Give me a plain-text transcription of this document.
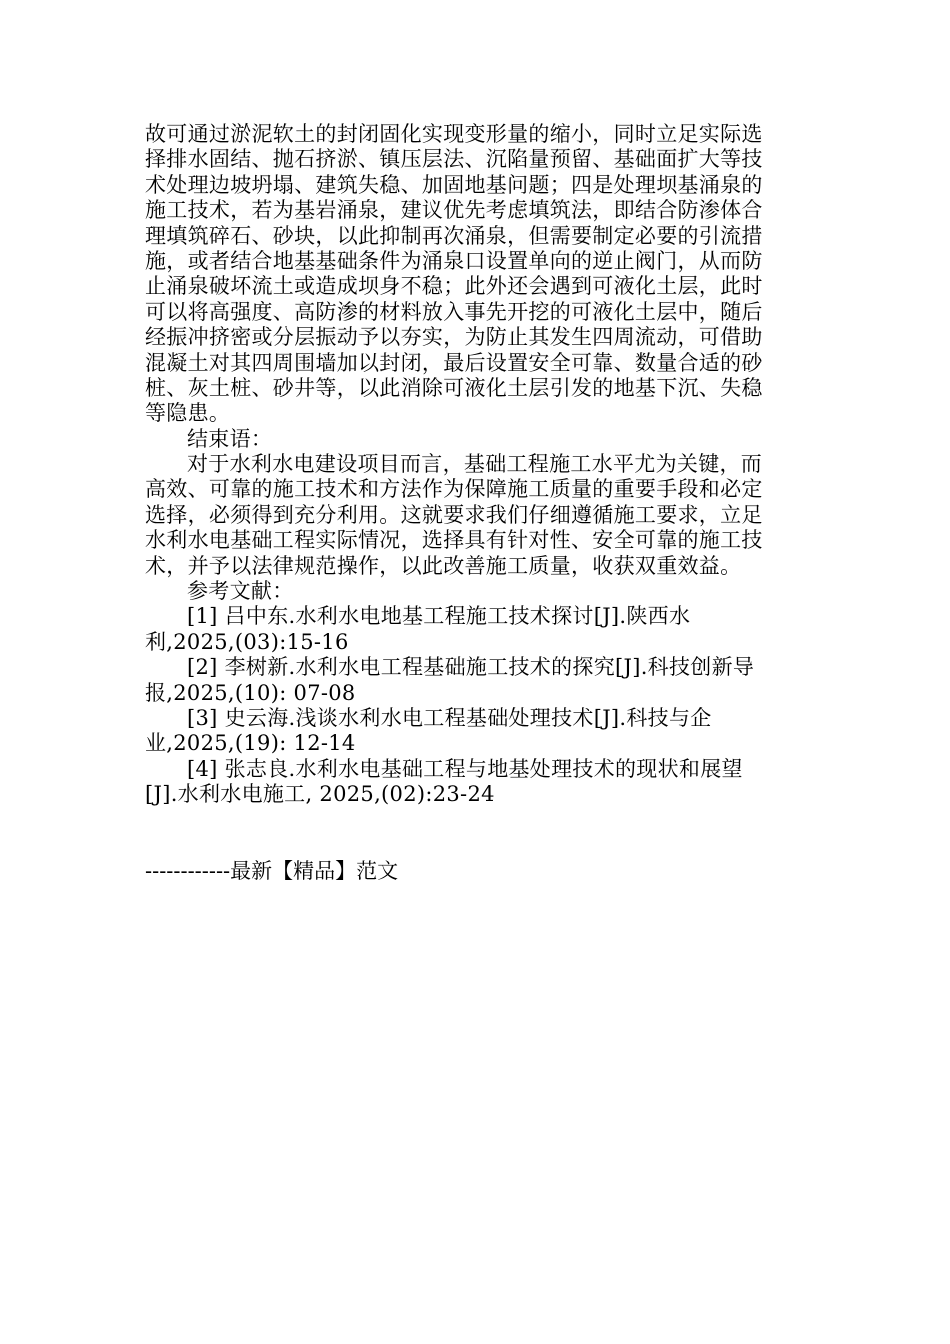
故可通过淤泥软土的封闭固化实现变形量的缩小，同时立足实际选
择排水固结、抛石挤淤、镇压层法、沉陷量预留、基础面扩大等技
术处理边坡坍塌、建筑失稳、加固地基问题；四是处理坝基涌泉的
施工技术，若为基岩涌泉，建议优先考虑填筑法，即结合防渗体合
理填筑碎石、砂块，以此抑制再次涌泉，但需要制定必要的引流措
施，或者结合地基基础条件为涌泉口设置单向的逆止阀门，从而防
止涌泉破坏流土或造成坝身不稳；此外还会遇到可液化土层，此时
可以将高强度、高防渗的材料放入事先开挖的可液化土层中，随后
经振冲挤密或分层振动予以夯实，为防止其发生四周流动，可借助
混凝土对其四周围墙加以封闭，最后设置安全可靠、数量合适的砂
桩、灰土桩、砂井等，以此消除可液化土层引发的地基下沉、失稳
等隐患。
结束语：
对于水利水电建设项目而言，基础工程施工水平尤为关键，而
高效、可靠的施工技术和方法作为保障施工质量的重要手段和必定
选择，必须得到充分利用。这就要求我们仔细遵循施工要求，立足
水利水电基础工程实际情况，选择具有针对性、安全可靠的施工技
术，并予以法律规范操作，以此改善施工质量，收获双重效益。
参考文献：
[1] 吕中东.水利水电地基工程施工技术探讨[J].陕西水
利,2025,(03):15-16
[2] 李树新.水利水电工程基础施工技术的探究[J].科技创新导
报,2025,(10): 07-08
[3] 史云海.浅谈水利水电工程基础处理技术[J].科技与企
业,2025,(19): 12-14
[4] 张志良.水利水电基础工程与地基处理技术的现状和展望
[J].水利水电施工, 2025,(02):23-24
------------最新【精品】范文
